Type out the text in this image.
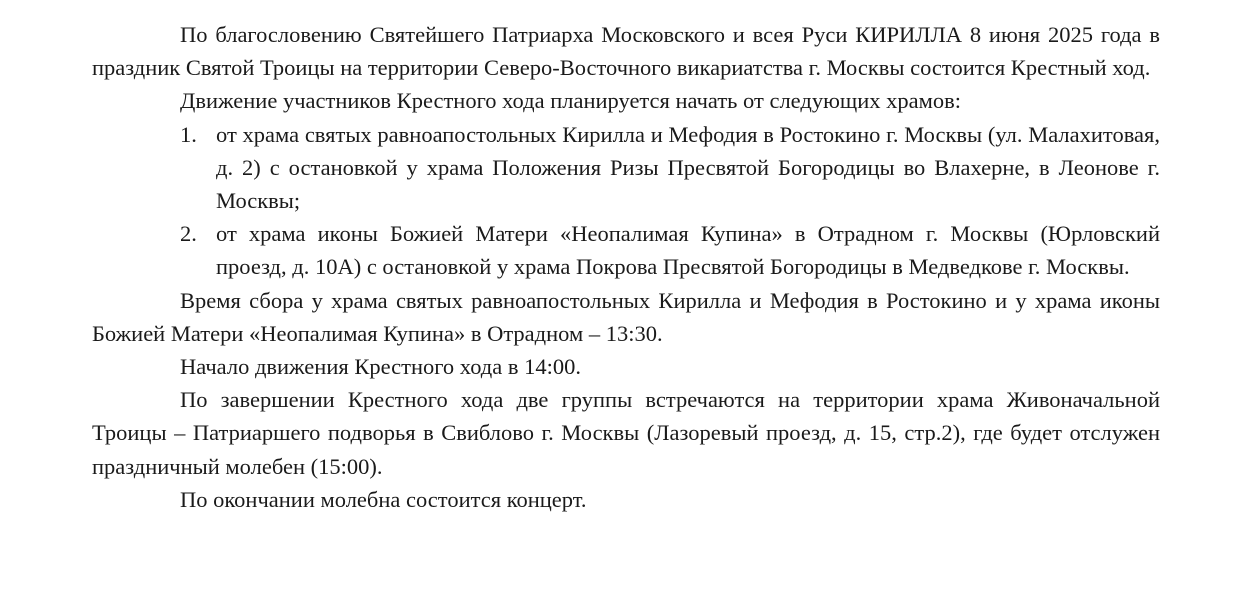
По благословению Святейшего Патриарха Московского и всея Руси КИРИЛЛА 8 июня 2025 года в праздник Святой Троицы на территории Северо-Восточного викариатства г. Москвы состоится Крестный ход.

Движение участников Крестного хода планируется начать от следующих храмов:

1. от храма святых равноапостольных Кирилла и Мефодия в Ростокино г. Москвы (ул. Малахитовая, д. 2) с остановкой у храма Положения Ризы Пресвятой Богородицы во Влахерне, в Леонове г. Москвы;
2. от храма иконы Божией Матери «Неопалимая Купина» в Отрадном г. Москвы (Юрловский проезд, д. 10А) с остановкой у храма Покрова Пресвятой Богородицы в Медведкове г. Москвы.

Время сбора у храма святых равноапостольных Кирилла и Мефодия в Ростокино и у храма иконы Божией Матери «Неопалимая Купина» в Отрадном – 13:30.

Начало движения Крестного хода в 14:00.

По завершении Крестного хода две группы встречаются на территории храма Живоначальной Троицы – Патриаршего подворья в Свиблово г. Москвы (Лазоревый проезд, д. 15, стр.2), где будет отслужен праздничный молебен (15:00).

По окончании молебна состоится концерт.
